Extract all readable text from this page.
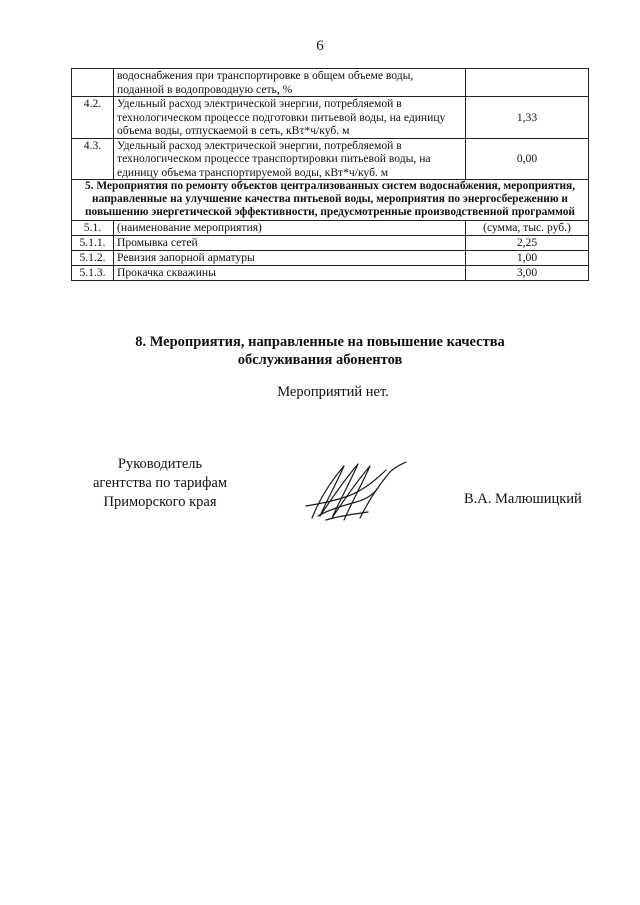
6
	водоснабжения при транспортировке в общем объеме воды, поданной в водопроводную сеть, %	
4.2.	Удельный расход электрической энергии, потребляемой в технологическом процессе подготовки питьевой воды, на единицу объема воды, отпускаемой в сеть, кВт*ч/куб. м	1,33
4.3.	Удельный расход электрической энергии, потребляемой в технологическом процессе транспортировки питьевой воды, на единицу объема транспортируемой воды, кВт*ч/куб. м	0,00
5. Мероприятия по ремонту объектов централизованных систем водоснабжения, мероприятия, направленные на улучшение качества питьевой воды, мероприятия по энергосбережению и повышению энергетической эффективности, предусмотренные производственной программой		
5.1.	(наименование мероприятия)	(сумма, тыс. руб.)
5.1.1.	Промывка сетей	2,25
5.1.2.	Ревизия запорной арматуры	1,00
5.1.3.	Прокачка скважины	3,00
8. Мероприятия, направленные на повышение качества
обслуживания абонентов
Мероприятий нет.
Руководитель
агентства по тарифам
Приморского края	В.А. Малюшицкий
